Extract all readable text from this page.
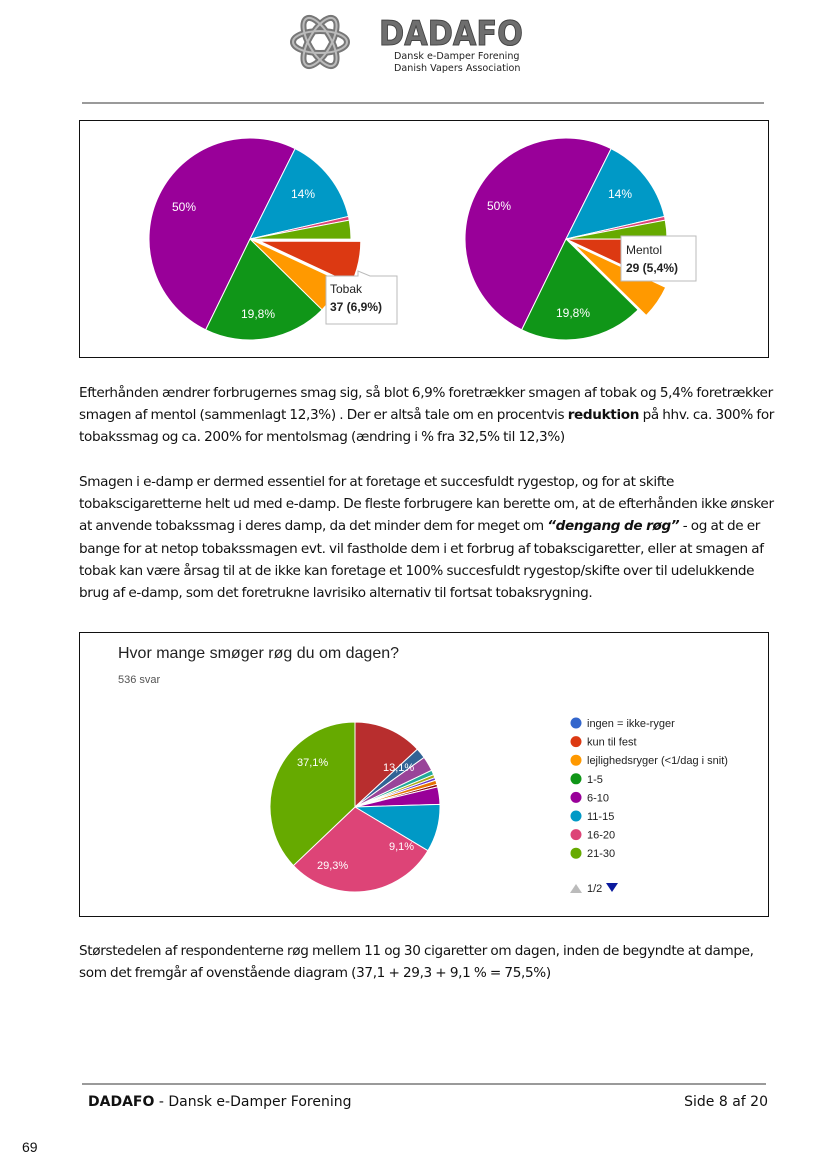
DADAFO
Dansk e-Damper Forening
Danish Vapers Association
50%
14%
19,8%
Tobak
37 (6,9%)
50%
14%
19,8%
Mentol
29 (5,4%)
Efterhånden ændrer forbrugernes smag sig, så blot 6,9% foretrækker smagen af tobak og 5,4% foretrækker smagen af mentol (sammenlagt 12,3%) . Der er altså tale om en procentvis reduktion på hhv. ca. 300% for tobakssmag og ca. 200% for mentolsmag (ændring i % fra 32,5% til 12,3%)
Smagen i e-damp er dermed essentiel for at foretage et succesfuldt rygestop, og for at skifte tobakscigaretterne helt ud med e-damp. De fleste forbrugere kan berette om, at de efterhånden ikke ønsker at anvende tobakssmag i deres damp, da det minder dem for meget om “dengang de røg” - og at de er bange for at netop tobakssmagen evt. vil fastholde dem i et forbrug af tobakscigaretter, eller at smagen af tobak kan være årsag til at de ikke kan foretage et 100% succesfuldt rygestop/skifte over til udelukkende brug af e-damp, som det foretrukne lavrisiko alternativ til fortsat tobaksrygning.
Hvor mange smøger røg du om dagen?
536 svar
37,1%	13,1%
9,1%
29,3%
ingen = ikke-ryger
kun til fest
lejlighedsryger (<1/dag i snit)
1-5
6-10
11-15
16-20
21-30
1/2
Størstedelen af respondenterne røg mellem 11 og 30 cigaretter om dagen, inden de begyndte at dampe, som det fremgår af ovenstående diagram (37,1 + 29,3 + 9,1 % = 75,5%)
DADAFO - Dansk e-Damper Forening	Side 8 af 20
69
